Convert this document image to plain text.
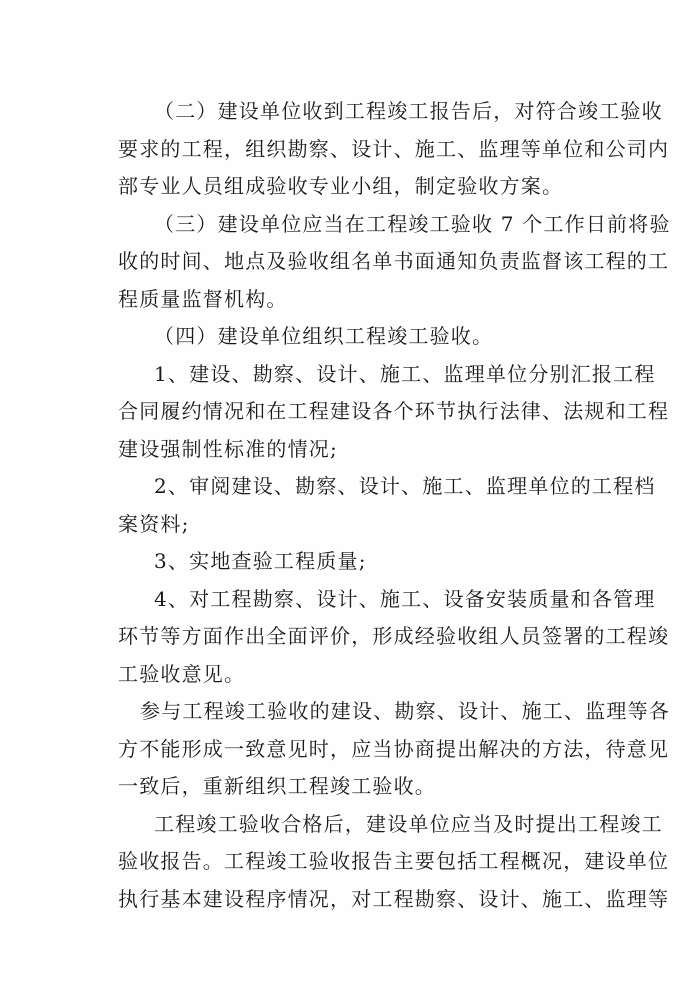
（二）建设单位收到工程竣工报告后，对符合竣工验收
要求的工程，组织勘察、设计、施工、监理等单位和公司内
部专业人员组成验收专业小组，制定验收方案。

（三）建设单位应当在工程竣工验收 7 个工作日前将验
收的时间、地点及验收组名单书面通知负责监督该工程的工
程质量监督机构。

（四）建设单位组织工程竣工验收。

1、建设、勘察、设计、施工、监理单位分别汇报工程
合同履约情况和在工程建设各个环节执行法律、法规和工程
建设强制性标准的情况;

2、审阅建设、勘察、设计、施工、监理单位的工程档
案资料;

3、实地查验工程质量;

4、对工程勘察、设计、施工、设备安装质量和各管理
环节等方面作出全面评价，形成经验收组人员签署的工程竣
工验收意见。

参与工程竣工验收的建设、勘察、设计、施工、监理等各
方不能形成一致意见时，应当协商提出解决的方法，待意见
一致后，重新组织工程竣工验收。

工程竣工验收合格后，建设单位应当及时提出工程竣工
验收报告。工程竣工验收报告主要包括工程概况，建设单位
执行基本建设程序情况，对工程勘察、设计、施工、监理等
